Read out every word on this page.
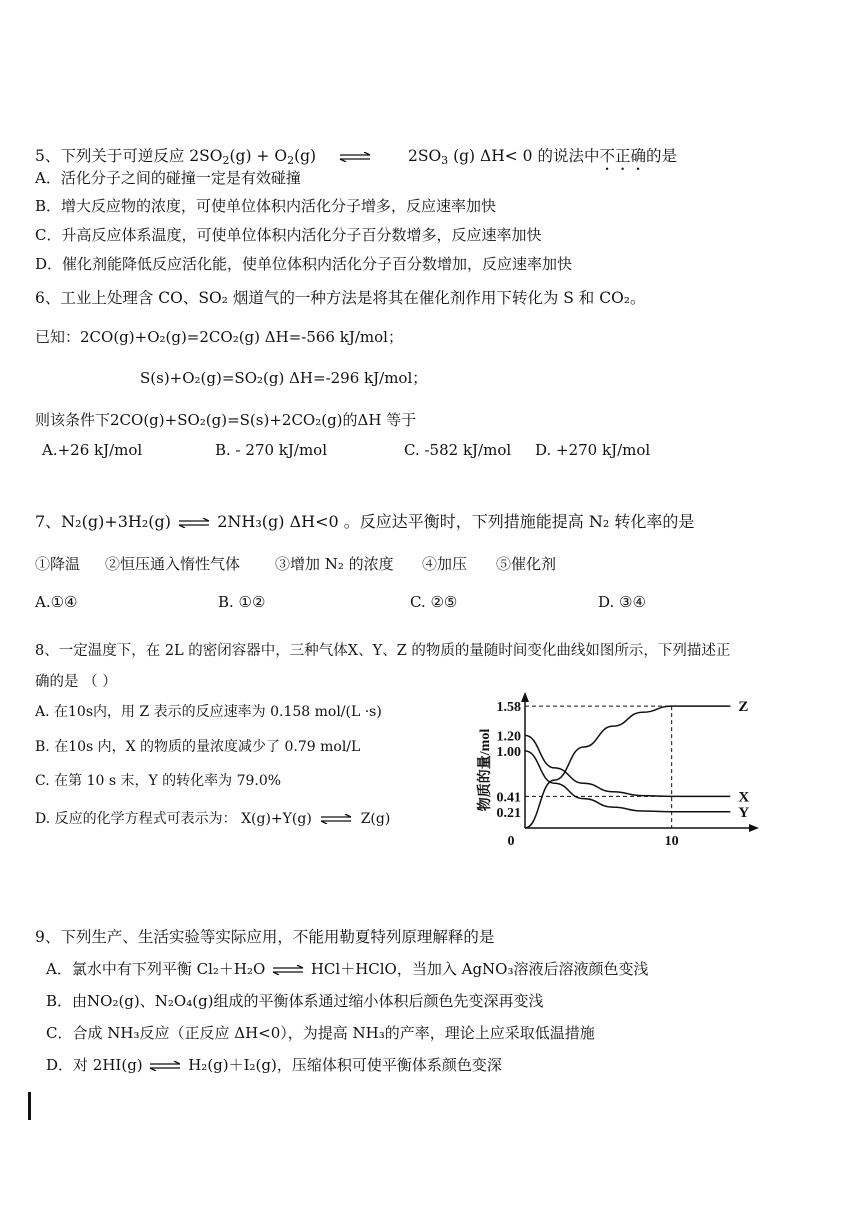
5、下列关于可逆反应 $2SO_2(g) + O_2(g)$ ⇌ $2SO_3$ (g) ΔH< 0 的说法中不正确的是
A．活化分子之间的碰撞一定是有效碰撞
B．增大反应物的浓度，可使单位体积内活化分子增多，反应速率加快
C．升高反应体系温度，可使单位体积内活化分子百分数增多，反应速率加快
D．催化剂能降低反应活化能，使单位体积内活化分子百分数增加，反应速率加快
6、工业上处理含 CO、SO₂ 烟道气的一种方法是将其在催化剂作用下转化为 S 和 CO₂。
已知：2CO(g)+O₂(g)=2CO₂(g) ΔH=-566 kJ/mol；
S(s)+O₂(g)=SO₂(g) ΔH=-296 kJ/mol；
则该条件下2CO(g)+SO₂(g)=S(s)+2CO₂(g)的ΔH 等于
A.+26 kJ/mol	B. - 270 kJ/mol	C. -582 kJ/mol D. +270 kJ/mol
7、N₂(g)+3H₂(g) ⇌ 2NH₃(g) ΔH<0 。反应达平衡时，下列措施能提高 N₂ 转化率的是
①降温 ②恒压通入惰性气体 ③增加 N₂ 的浓度 ④加压 ⑤催化剂
A.①④	B. ①②	C. ②⑤	D. ③④
8、一定温度下，在 2L 的密闭容器中，三种气体X、Y、Z 的物质的量随时间变化曲线如图所示，下列描述正
确的是 （ ）
A. 在10s内，用 Z 表示的反应速率为 0.158 mol/(L ·s)
B. 在10s 内，X 的物质的量浓度减少了 0.79 mol/L
C. 在第 10 s 末，Y 的转化率为 79.0%
D. 反应的化学方程式可表示为： X(g)+Y(g) ⇌ Z(g)
物质的量/mol
1.58
1.20
1.00
0.41
0.21
0	10
Z
X
Y
9、下列生产、生活实验等实际应用，不能用勒夏特列原理解释的是
A．氯水中有下列平衡 Cl₂＋H₂O ⇌ HCl＋HClO，当加入 AgNO₃溶液后溶液颜色变浅
B．由NO₂(g)、N₂O₄(g)组成的平衡体系通过缩小体积后颜色先变深再变浅
C．合成 NH₃反应（正反应 ΔH<0），为提高 NH₃的产率，理论上应采取低温措施
D．对 2HI(g) ⇌ H₂(g)＋I₂(g)，压缩体积可使平衡体系颜色变深
